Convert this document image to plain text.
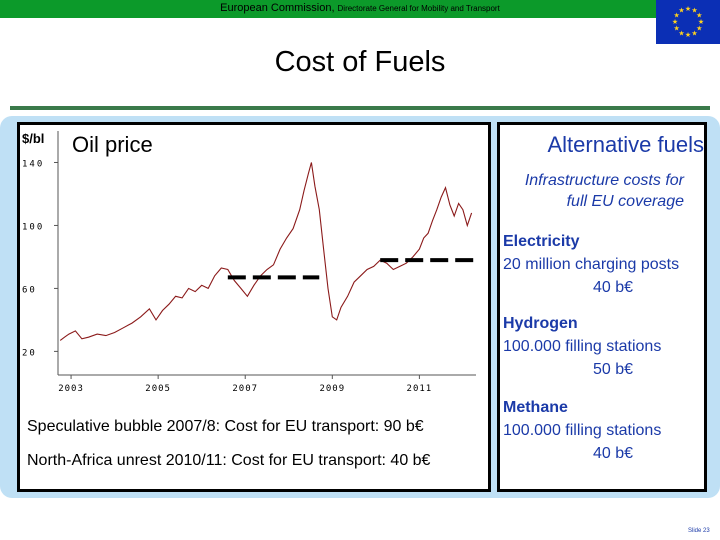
European Commission, Directorate General for Mobility and Transport
★
★
★
★
★
★
★
★
★ ★ ★
★
Cost of Fuels
20
60
100
140
2003	2005	2007	2009	2011
$/bl Oil price
Speculative bubble 2007/8: Cost for EU transport: 90 b€
North-Africa unrest 2010/11: Cost for EU transport: 40 b€
Alternative fuels
Infrastructure costs for full EU coverage
Electricity
20 million charging posts
40 b€
Hydrogen
100.000 filling stations
50 b€
Methane
100.000 filling stations
40 b€
Slide 23
